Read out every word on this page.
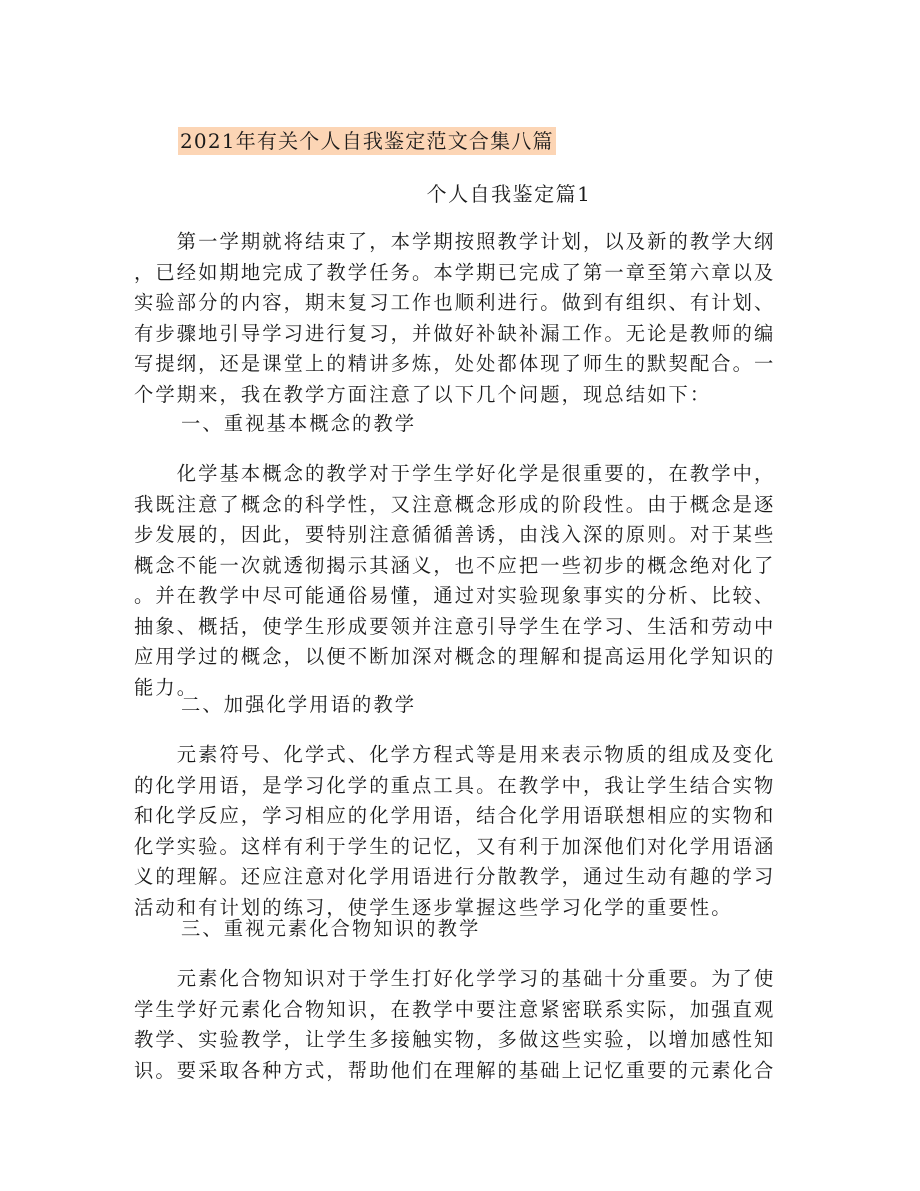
2021年有关个人自我鉴定范文合集八篇
个人自我鉴定篇1
　　第一学期就将结束了，本学期按照教学计划，以及新的教学大纲
，已经如期地完成了教学任务。本学期已完成了第一章至第六章以及
实验部分的内容，期末复习工作也顺利进行。做到有组织、有计划、
有步骤地引导学习进行复习，并做好补缺补漏工作。无论是教师的编
写提纲，还是课堂上的精讲多炼，处处都体现了师生的默契配合。一
个学期来，我在教学方面注意了以下几个问题，现总结如下：
一、重视基本概念的教学
　　化学基本概念的教学对于学生学好化学是很重要的，在教学中，
我既注意了概念的科学性，又注意概念形成的阶段性。由于概念是逐
步发展的，因此，要特别注意循循善诱，由浅入深的原则。对于某些
概念不能一次就透彻揭示其涵义，也不应把一些初步的概念绝对化了
。并在教学中尽可能通俗易懂，通过对实验现象事实的分析、比较、
抽象、概括，使学生形成要领并注意引导学生在学习、生活和劳动中
应用学过的概念，以便不断加深对概念的理解和提高运用化学知识的
能力。
二、加强化学用语的教学
　　元素符号、化学式、化学方程式等是用来表示物质的组成及变化
的化学用语，是学习化学的重点工具。在教学中，我让学生结合实物
和化学反应，学习相应的化学用语，结合化学用语联想相应的实物和
化学实验。这样有利于学生的记忆，又有利于加深他们对化学用语涵
义的理解。还应注意对化学用语进行分散教学，通过生动有趣的学习
活动和有计划的练习，使学生逐步掌握这些学习化学的重要性。
三、重视元素化合物知识的教学
　　元素化合物知识对于学生打好化学学习的基础十分重要。为了使
学生学好元素化合物知识，在教学中要注意紧密联系实际，加强直观
教学、实验教学，让学生多接触实物，多做这些实验，以增加感性知
识。要采取各种方式，帮助他们在理解的基础上记忆重要的元素化合
